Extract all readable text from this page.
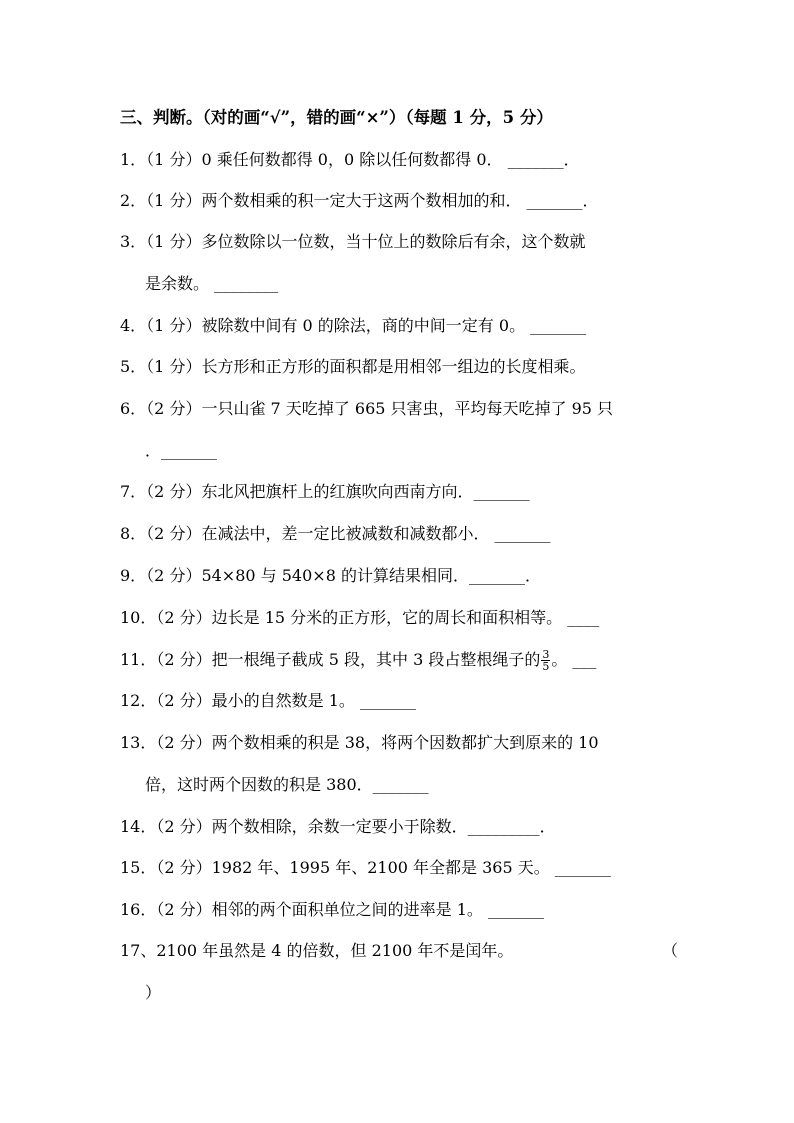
三、判断。（对的画“√”，错的画“×”）（每题 1 分，5 分）
1．（1 分）0 乘任何数都得 0，0 除以任何数都得 0． _______．
2．（1 分）两个数相乘的积一定大于这两个数相加的和． _______．
3．（1 分）多位数除以一位数，当十位上的数除后有余，这个数就
是余数。 ________
4．（1 分）被除数中间有 0 的除法，商的中间一定有 0。 _______
5．（1 分）长方形和正方形的面积都是用相邻一组边的长度相乘。
6．（2 分）一只山雀 7 天吃掉了 665 只害虫，平均每天吃掉了 95 只
．_______
7．（2 分）东北风把旗杆上的红旗吹向西南方向．_______
8．（2 分）在减法中，差一定比被减数和减数都小． _______
9．（2 分）54×80 与 540×8 的计算结果相同．_______．
10．（2 分）边长是 15 分米的正方形，它的周长和面积相等。 ____
11．（2 分）把一根绳子截成 5 段，其中 3 段占整根绳子的 $\frac{3}{5}$ 。 ___
12．（2 分）最小的自然数是 1。 _______
13．（2 分）两个数相乘的积是 38，将两个因数都扩大到原来的 10
倍，这时两个因数的积是 380．_______
14．（2 分）两个数相除，余数一定要小于除数．_________．
15．（2 分）1982 年、1995 年、2100 年全都是 365 天。 _______
16．（2 分）相邻的两个面积单位之间的进率是 1。 _______
17、2100 年虽然是 4 的倍数，但 2100 年不是闰年。	（
）
